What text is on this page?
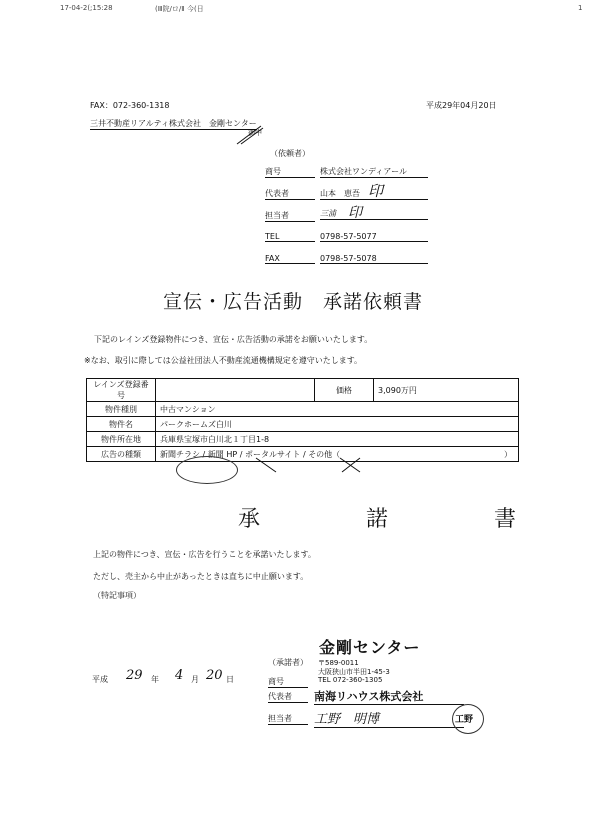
17-04-2(;15:28	(Ⅲ院/ロ/Ⅱ 今(日	1
FAX：072-360-1318	平成29年04月20日
三井不動産リアルティ株式会社　金剛センター
御中
（依頼者）
商号	株式会社ワンディアール
代表者	山本　恵吾 印
担当者	三浦 印
TEL	0798-57-5077
FAX	0798-57-5078
宣伝・広告活動　承諾依頼書
下記のレインズ登録物件につき、宣伝・広告活動の承諾をお願いいたします。
※なお、取引に際しては公益社団法人不動産流通機構規定を遵守いたします。
レインズ登録番号		価格	3,090万円
物件種別	中古マンション		
物件名	パークホームズ白川		
物件所在地	兵庫県宝塚市白川北１丁目1-8		
広告の種類	新聞チラシ / 新聞 HP / ポータルサイト / その他（ ）		
承　諾　書
上記の物件につき、宣伝・広告を行うことを承諾いたします。
ただし、売主から中止があったときは直ちに中止願います。
（特記事項）
金剛センター
（承諾者） 〒589-0011
大阪狭山市半田1-45-3
TEL 072-360-1305
商号
代表者	南海リハウス株式会社
担当者	工野　明博	工野
平成 29 年 4 月 20 日
